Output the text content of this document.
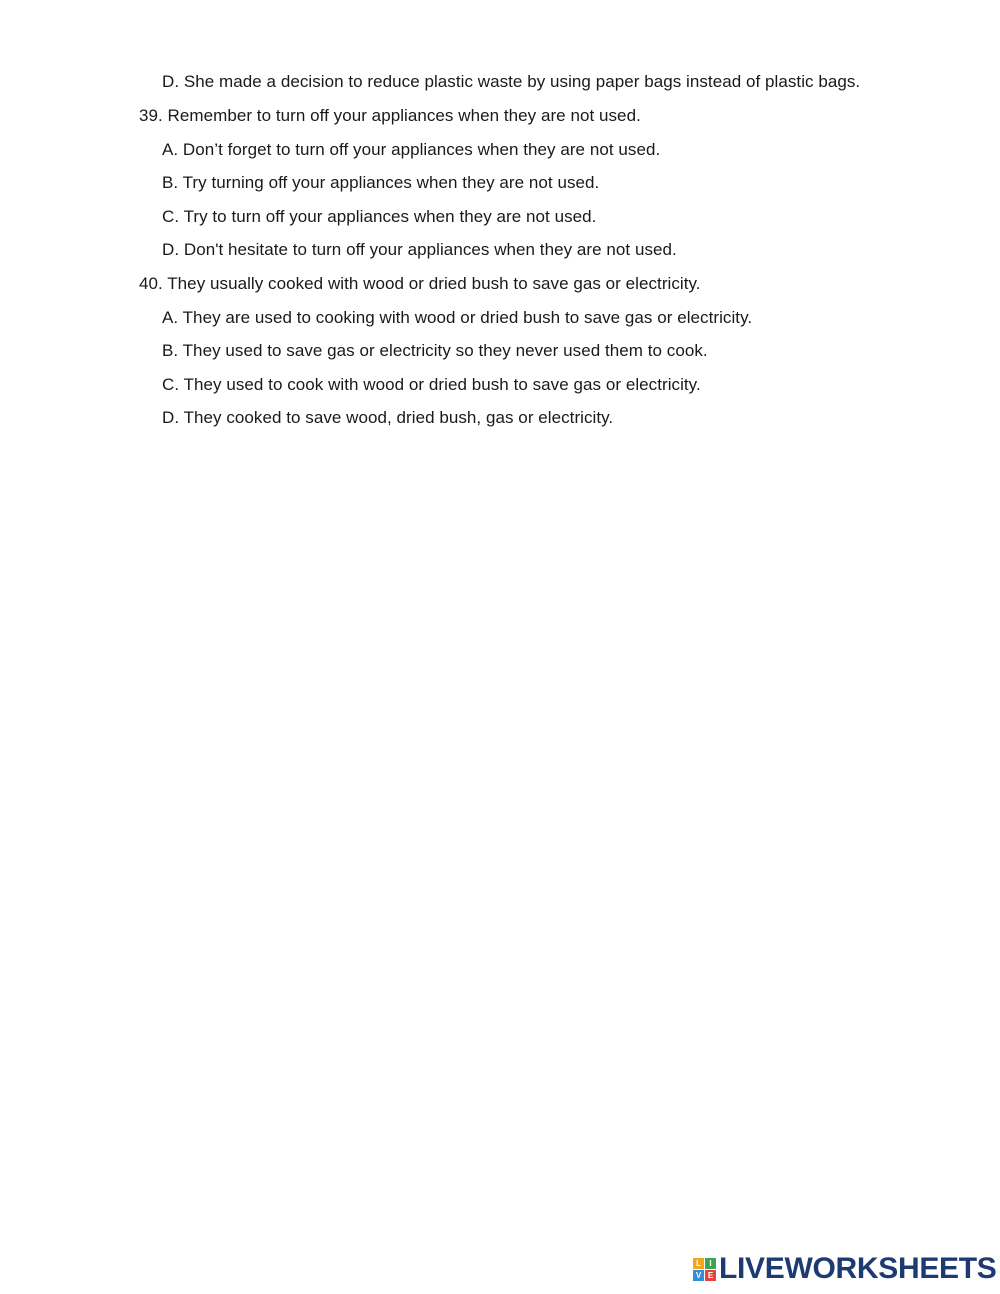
D. She made a decision to reduce plastic waste by using paper bags instead of plastic bags.
39. Remember to turn off your appliances when they are not used.
A. Don’t forget to turn off your appliances when they are not used.
B. Try turning off your appliances when they are not used.
C. Try to turn off your appliances when they are not used.
D. Don't hesitate to turn off your appliances when they are not used.
40. They usually cooked with wood or dried bush to save gas or electricity.
A. They are used to cooking with wood or dried bush to save gas or electricity.
B. They used to save gas or electricity so they never used them to cook.
C. They used to cook with wood or dried bush to save gas or electricity.
D. They cooked to save wood, dried bush, gas or electricity.
L	I
V E LIVEWORKSHEETS
